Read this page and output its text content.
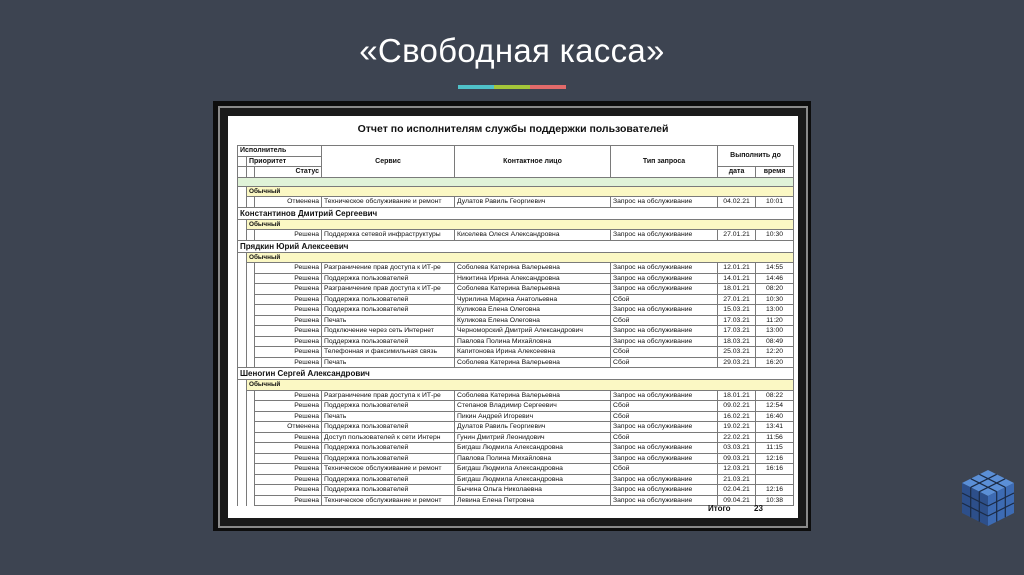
«Свободная касса»
Отчет по исполнителям службы поддержки пользователей
Исполнитель			Сервис	Контактное лицо	Тип запроса	Выполнить до	
	Приоритет						
		Статус				дата	время

	Обычный						
		Отменена	Техническое обслуживание и ремонт	Дулатов Равиль Георгиевич	Запрос на обслуживание	04.02.21	10:01
Константинов Дмитрий Сергеевич							
	Обычный						
		Решена	Поддержка сетевой инфраструктуры	Киселева Олеся Александровна	Запрос на обслуживание	27.01.21	10:30
Прядкин Юрий Алексеевич							
	Обычный						
		Решена	Разграничение прав доступа к ИТ-ре	Соболева Катерина Валерьевна	Запрос на обслуживание	12.01.21	14:55
		Решена	Поддержка пользователей	Никитина Ирина Александровна	Запрос на обслуживание	14.01.21	14:46
		Решена	Разграничение прав доступа к ИТ-ре	Соболева Катерина Валерьевна	Запрос на обслуживание	18.01.21	08:20
		Решена	Поддержка пользователей	Чурилина Марина Анатольевна	Сбой	27.01.21	10:30
		Решена	Поддержка пользователей	Куликова Елена Олеговна	Запрос на обслуживание	15.03.21	13:00
		Решена	Печать	Куликова Елена Олеговна	Сбой	17.03.21	11:20
		Решена	Подключение через сеть Интернет	Черноморский Дмитрий Александрович	Запрос на обслуживание	17.03.21	13:00
		Решена	Поддержка пользователей	Павлова Полина Михайловна	Запрос на обслуживание	18.03.21	08:49
		Решена	Телефонная и факсимильная связь	Капитонова Ирина Алексеевна	Сбой	25.03.21	12:20
		Решена	Печать	Соболева Катерина Валерьевна	Сбой	29.03.21	16:20
Шеногин Сергей Александрович							
	Обычный						
		Решена	Разграничение прав доступа к ИТ-ре	Соболева Катерина Валерьевна	Запрос на обслуживание	18.01.21	08:22
		Решена	Поддержка пользователей	Степанов Владимир Сергеевич	Сбой	09.02.21	12:54
		Решена	Печать	Пикин Андрей Игоревич	Сбой	16.02.21	16:40
		Отменена	Поддержка пользователей	Дулатов Равиль Георгиевич	Запрос на обслуживание	19.02.21	13:41
		Решена	Доступ пользователей к сети Интерн	Гунин Дмитрий Леонидович	Сбой	22.02.21	11:56
		Решена	Поддержка пользователей	Бигдаш Людмила Александровна	Запрос на обслуживание	03.03.21	11:15
		Решена	Поддержка пользователей	Павлова Полина Михайловна	Запрос на обслуживание	09.03.21	12:16
		Решена	Техническое обслуживание и ремонт	Бигдаш Людмила Александровна	Сбой	12.03.21	16:16
		Решена	Поддержка пользователей	Бигдаш Людмила Александровна	Запрос на обслуживание	21.03.21	
		Решена	Поддержка пользователей	Бычина Ольга Николаевна	Запрос на обслуживание	02.04.21	12:16
		Решена	Техническое обслуживание и ремонт	Левина Елена Петровна	Запрос на обслуживание	09.04.21	10:38
Итого	23
